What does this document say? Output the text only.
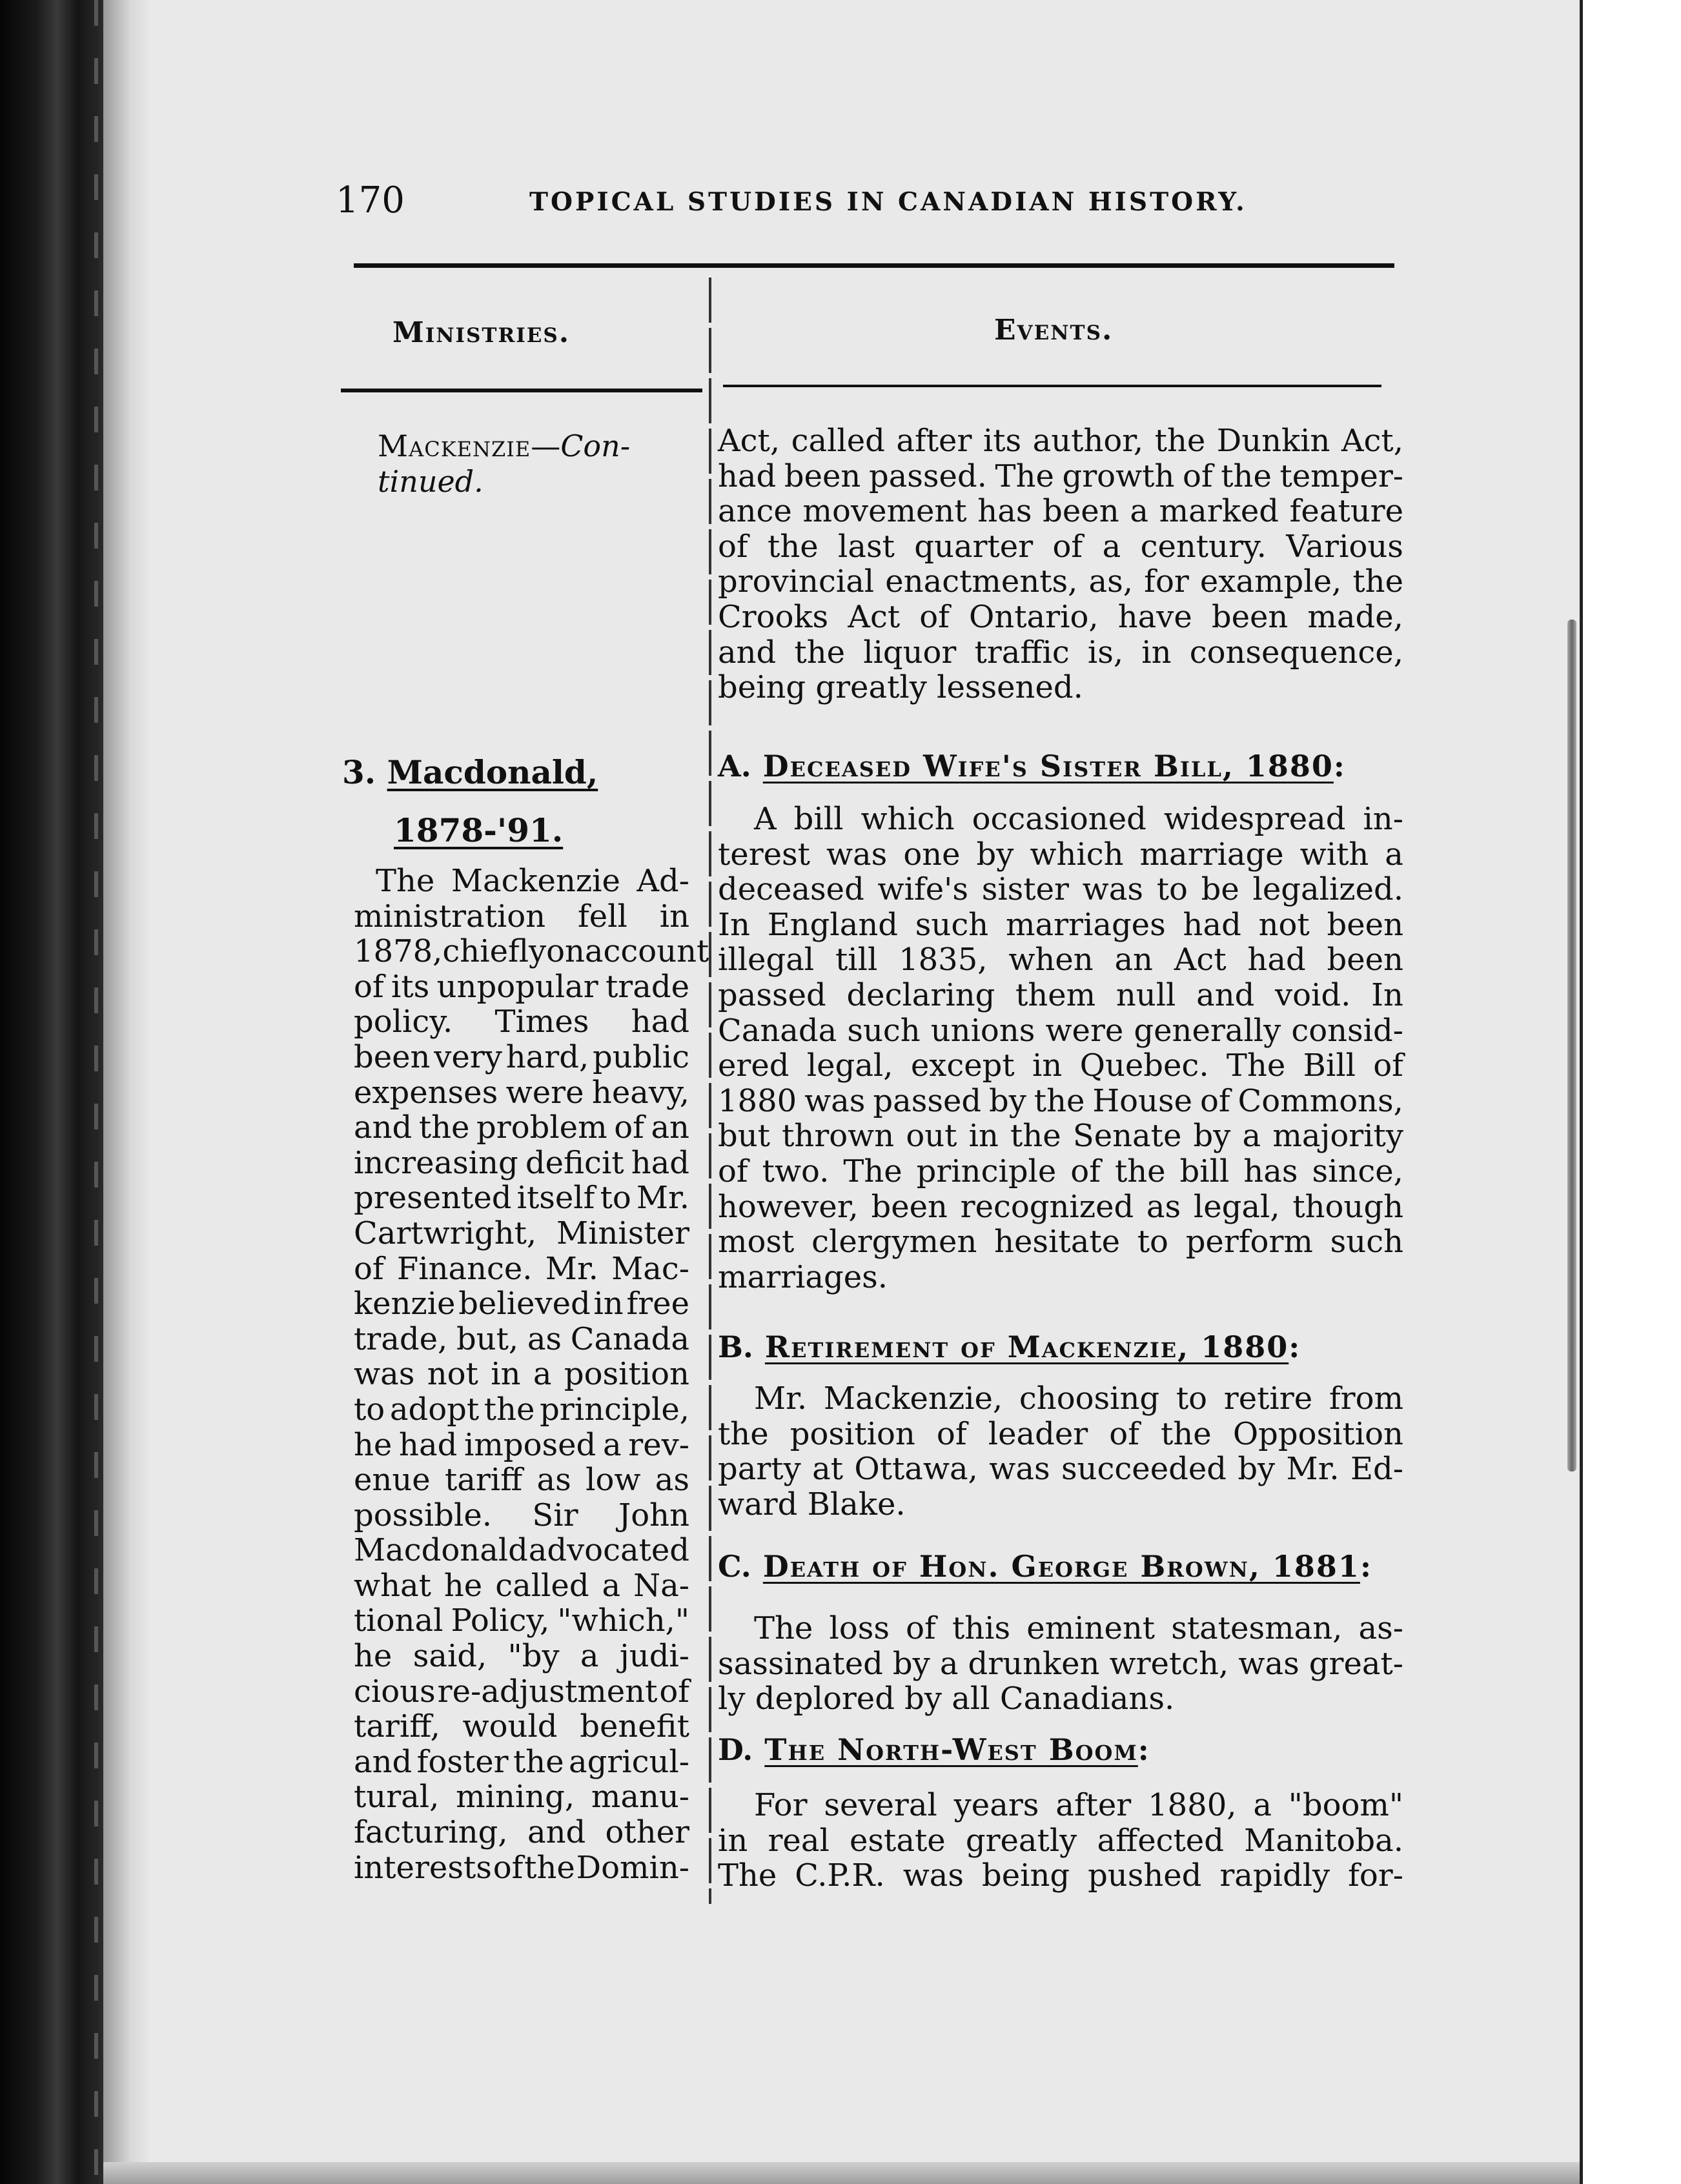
170	TOPICAL STUDIES IN CANADIAN HISTORY.
Ministries.	Events.
Mackenzie—Con-
tinued.
3. Macdonald,
1878-'91.
The Mackenzie Ad-
ministration fell in
1878, chiefly on account
of its unpopular trade
policy. Times had
been very hard, public
expenses were heavy,
and the problem of an
increasing deficit had
presented itself to Mr.
Cartwright, Minister
of Finance. Mr. Mac-
kenzie believed in free
trade, but, as Canada
was not in a position
to adopt the principle,
he had imposed a rev-
enue tariff as low as
possible. Sir John
Macdonald advocated
what he called a Na-
tional Policy, "which,"
he said, "by a judi-
cious re-adjustment of
tariff, would benefit
and foster the agricul-
tural, mining, manu-
facturing, and other
interests of the Domin-
Act, called after its author, the Dunkin Act,
had been passed. The growth of the temper-
ance movement has been a marked feature
of the last quarter of a century. Various
provincial enactments, as, for example, the
Crooks Act of Ontario, have been made,
and the liquor traffic is, in consequence,
being greatly lessened.
A. Deceased Wife's Sister Bill, 1880:
A bill which occasioned widespread in-
terest was one by which marriage with a
deceased wife's sister was to be legalized.
In England such marriages had not been
illegal till 1835, when an Act had been
passed declaring them null and void. In
Canada such unions were generally consid-
ered legal, except in Quebec. The Bill of
1880 was passed by the House of Commons,
but thrown out in the Senate by a majority
of two. The principle of the bill has since,
however, been recognized as legal, though
most clergymen hesitate to perform such
marriages.
B. Retirement of Mackenzie, 1880:
Mr. Mackenzie, choosing to retire from
the position of leader of the Opposition
party at Ottawa, was succeeded by Mr. Ed-
ward Blake.
C. Death of Hon. George Brown, 1881:
The loss of this eminent statesman, as-
sassinated by a drunken wretch, was great-
ly deplored by all Canadians.
D. The North-West Boom:
For several years after 1880, a "boom"
in real estate greatly affected Manitoba.
The C.P.R. was being pushed rapidly for-
